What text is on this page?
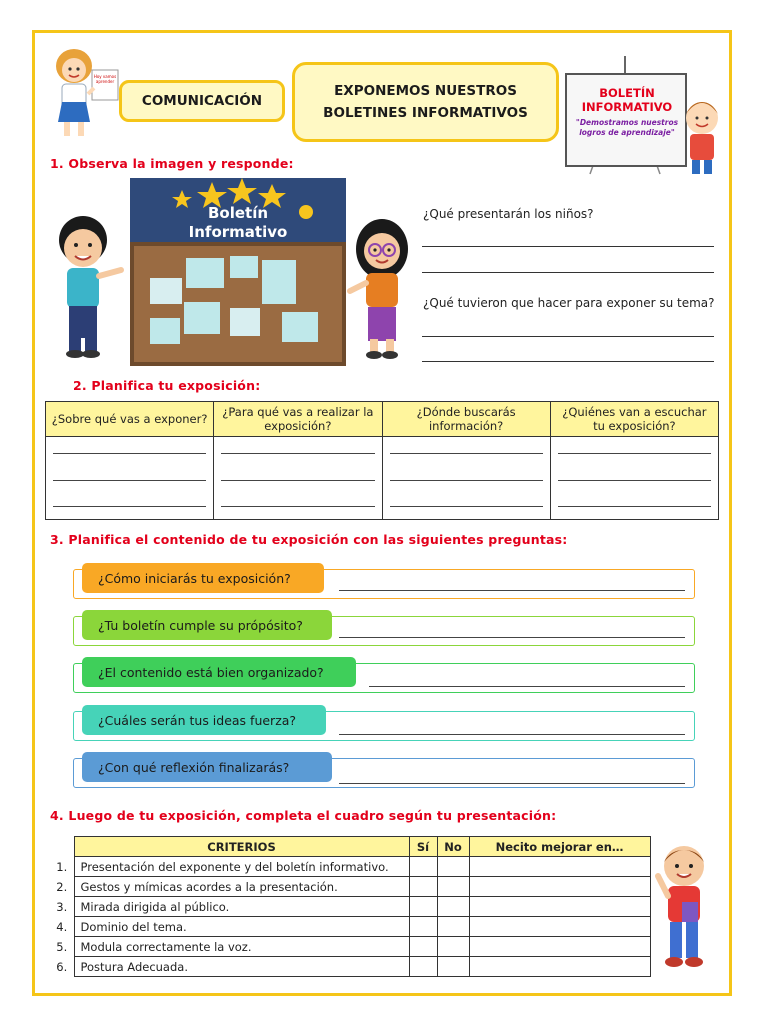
Hoy vamos aprender
COMUNICACIÓN
EXPONEMOS NUESTROS
BOLETINES INFORMATIVOS
BOLETÍN
INFORMATIVO
"Demostramos nuestros logros de aprendizaje"
1. Observa la imagen y responde:
Boletín
Informativo
¿Qué presentarán los niños?
¿Qué tuvieron que hacer para exponer su tema?
2. Planifica tu exposición:
¿Sobre qué vas a exponer?	¿Para qué vas a realizar la exposición?	¿Dónde buscarás información?	¿Quiénes van a escuchar tu exposición?

3. Planifica el contenido de tu exposición con las siguientes preguntas:
¿Cómo iniciarás tu exposición?
¿Tu boletín cumple su própósito?
¿El contenido está bien organizado?
¿Cuáles serán tus ideas fuerza?
¿Con qué reflexión finalizarás?
4. Luego de tu exposición, completa el cuadro según tu presentación:
	CRITERIOS	Sí	No	Necito mejorar en…
1.	Presentación del exponente y del boletín informativo.			
2.	Gestos y mímicas acordes a la presentación.			
3.	Mirada dirigida al público.			
4.	Dominio del tema.			
5.	Modula correctamente la voz.			
6.	Postura Adecuada.			
